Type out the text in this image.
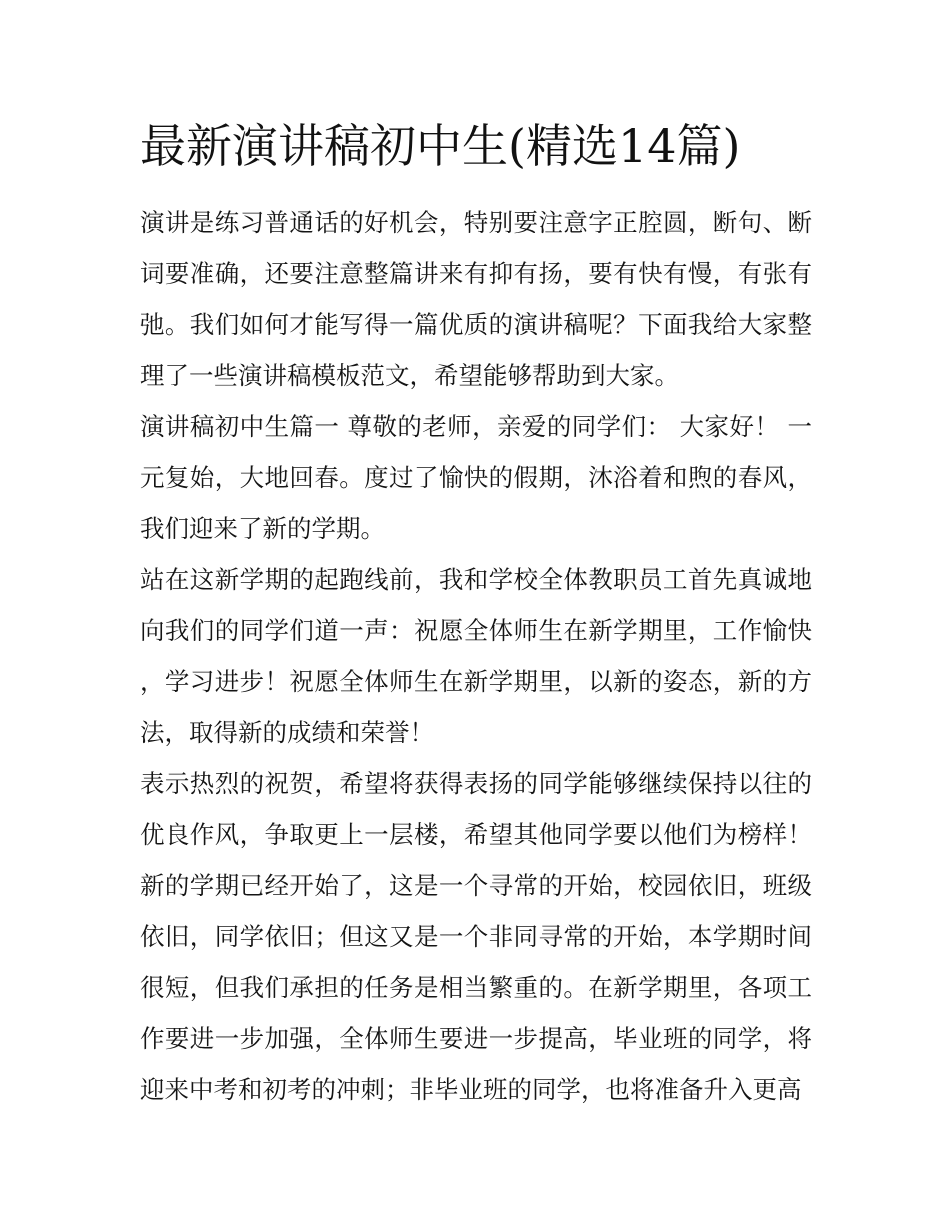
最新演讲稿初中生(精选14篇)

演讲是练习普通话的好机会，特别要注意字正腔圆，断句、断词要准确，还要注意整篇讲来有抑有扬，要有快有慢，有张有弛。我们如何才能写得一篇优质的演讲稿呢？下面我给大家整理了一些演讲稿模板范文，希望能够帮助到大家。

演讲稿初中生篇一 尊敬的老师，亲爱的同学们： 大家好！ 一元复始，大地回春。度过了愉快的假期，沐浴着和煦的春风，我们迎来了新的学期。

站在这新学期的起跑线前，我和学校全体教职员工首先真诚地向我们的同学们道一声：祝愿全体师生在新学期里，工作愉快，学习进步！祝愿全体师生在新学期里，以新的姿态，新的方法，取得新的成绩和荣誉！

表示热烈的祝贺，希望将获得表扬的同学能够继续保持以往的优良作风，争取更上一层楼，希望其他同学要以他们为榜样！新的学期已经开始了，这是一个寻常的开始，校园依旧，班级依旧，同学依旧；但这又是一个非同寻常的开始，本学期时间很短，但我们承担的任务是相当繁重的。在新学期里，各项工作要进一步加强，全体师生要进一步提高，毕业班的同学，将迎来中考和初考的冲刺；非毕业班的同学，也将准备升入更高
